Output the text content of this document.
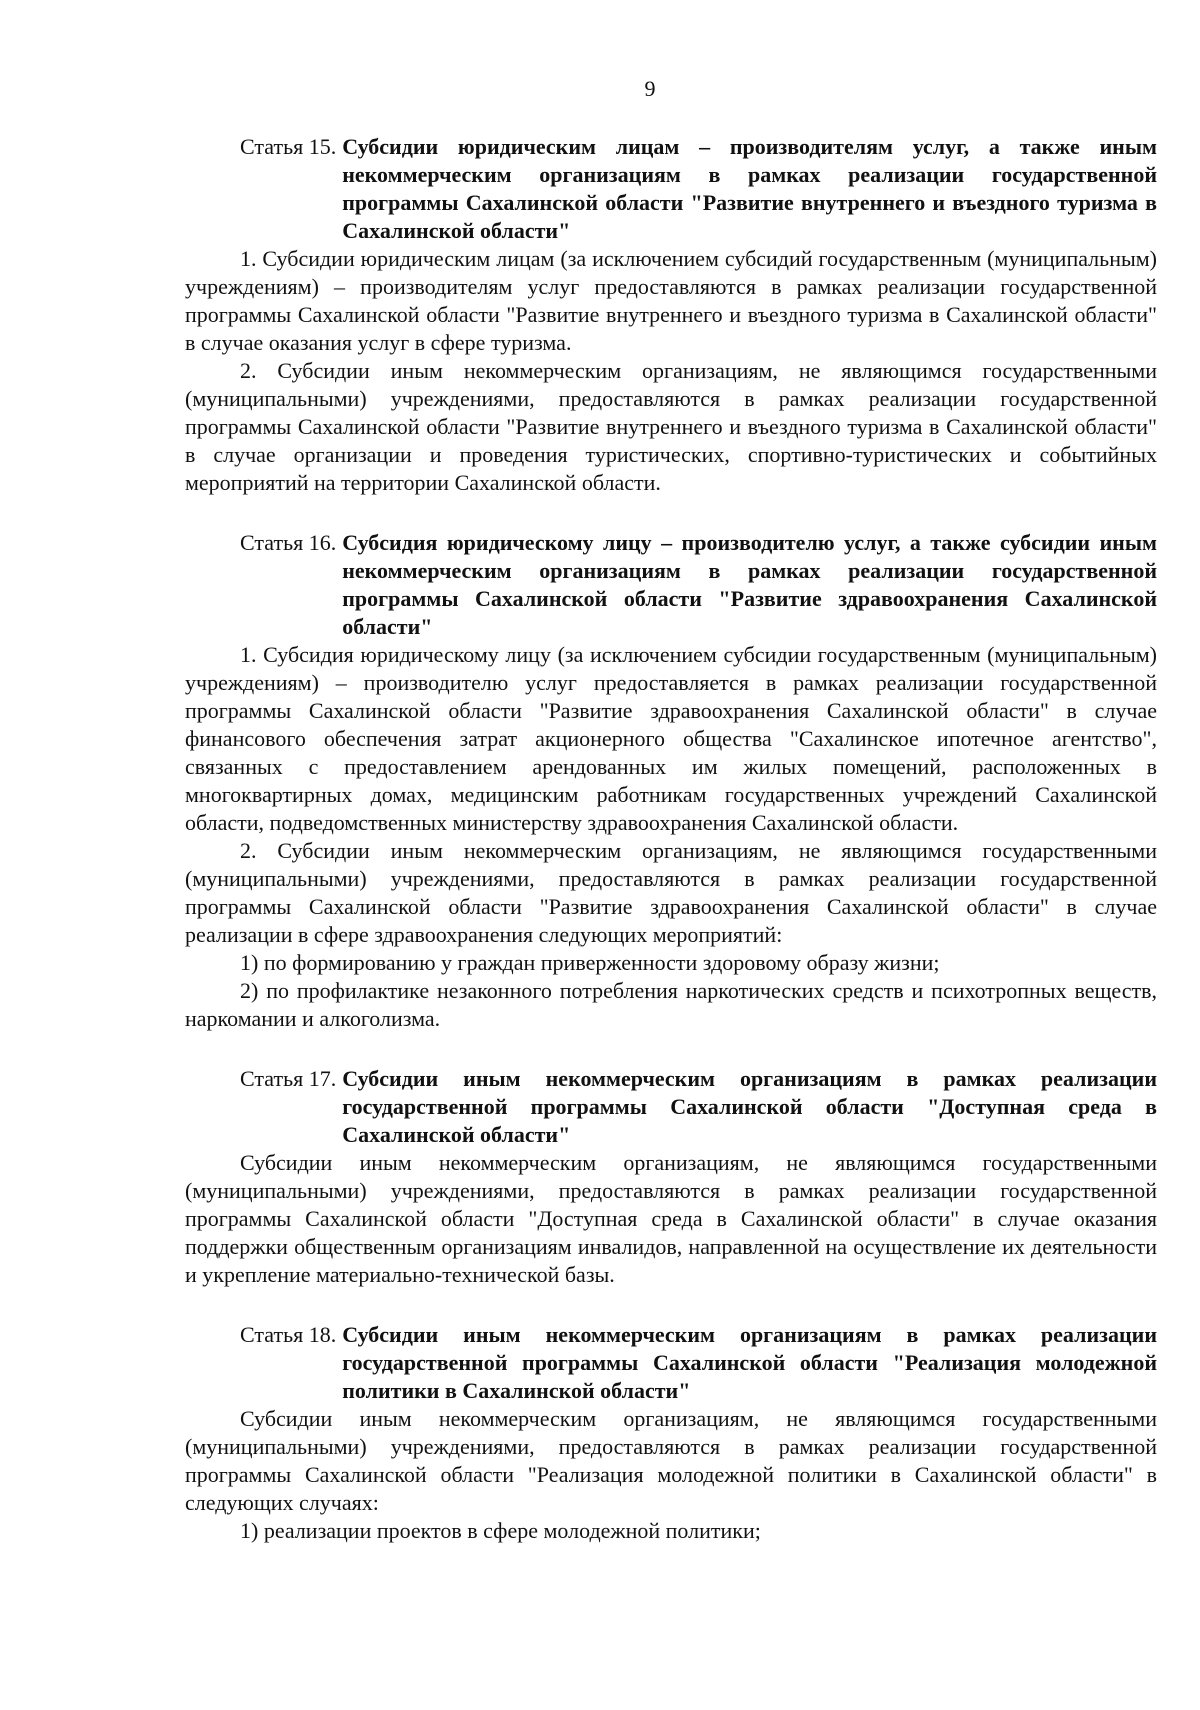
9
Статья 15. Субсидии юридическим лицам – производителям услуг, а также иным некоммерческим организациям в рамках реализации государственной программы Сахалинской области "Развитие внутреннего и въездного туризма в Сахалинской области"

1. Субсидии юридическим лицам (за исключением субсидий государственным (муниципальным) учреждениям) – производителям услуг предоставляются в рамках реализации государственной программы Сахалинской области "Развитие внутреннего и въездного туризма в Сахалинской области" в случае оказания услуг в сфере туризма.

2. Субсидии иным некоммерческим организациям, не являющимся государственными (муниципальными) учреждениями, предоставляются в рамках реализации государственной программы Сахалинской области "Развитие внутреннего и въездного туризма в Сахалинской области" в случае организации и проведения туристических, спортивно-туристических и событийных мероприятий на территории Сахалинской области.

Статья 16. Субсидия юридическому лицу – производителю услуг, а также субсидии иным некоммерческим организациям в рамках реализации государственной программы Сахалинской области "Развитие здравоохранения Сахалинской области"

1. Субсидия юридическому лицу (за исключением субсидии государственным (муниципальным) учреждениям) – производителю услуг предоставляется в рамках реализации государственной программы Сахалинской области "Развитие здравоохранения Сахалинской области" в случае финансового обеспечения затрат акционерного общества "Сахалинское ипотечное агентство", связанных с предоставлением арендованных им жилых помещений, расположенных в многоквартирных домах, медицинским работникам государственных учреждений Сахалинской области, подведомственных министерству здравоохранения Сахалинской области.

2. Субсидии иным некоммерческим организациям, не являющимся государственными (муниципальными) учреждениями, предоставляются в рамках реализации государственной программы Сахалинской области "Развитие здравоохранения Сахалинской области" в случае реализации в сфере здравоохранения следующих мероприятий:

1) по формированию у граждан приверженности здоровому образу жизни;

2) по профилактике незаконного потребления наркотических средств и психотропных веществ, наркомании и алкоголизма.

Статья 17. Субсидии иным некоммерческим организациям в рамках реализации государственной программы Сахалинской области "Доступная среда в Сахалинской области"

Субсидии иным некоммерческим организациям, не являющимся государственными (муниципальными) учреждениями, предоставляются в рамках реализации государственной программы Сахалинской области "Доступная среда в Сахалинской области" в случае оказания поддержки общественным организациям инвалидов, направленной на осуществление их деятельности и укрепление материально-технической базы.

Статья 18. Субсидии иным некоммерческим организациям в рамках реализации государственной программы Сахалинской области "Реализация молодежной политики в Сахалинской области"

Субсидии иным некоммерческим организациям, не являющимся государственными (муниципальными) учреждениями, предоставляются в рамках реализации государственной программы Сахалинской области "Реализация молодежной политики в Сахалинской области" в следующих случаях:

1) реализации проектов в сфере молодежной политики;
